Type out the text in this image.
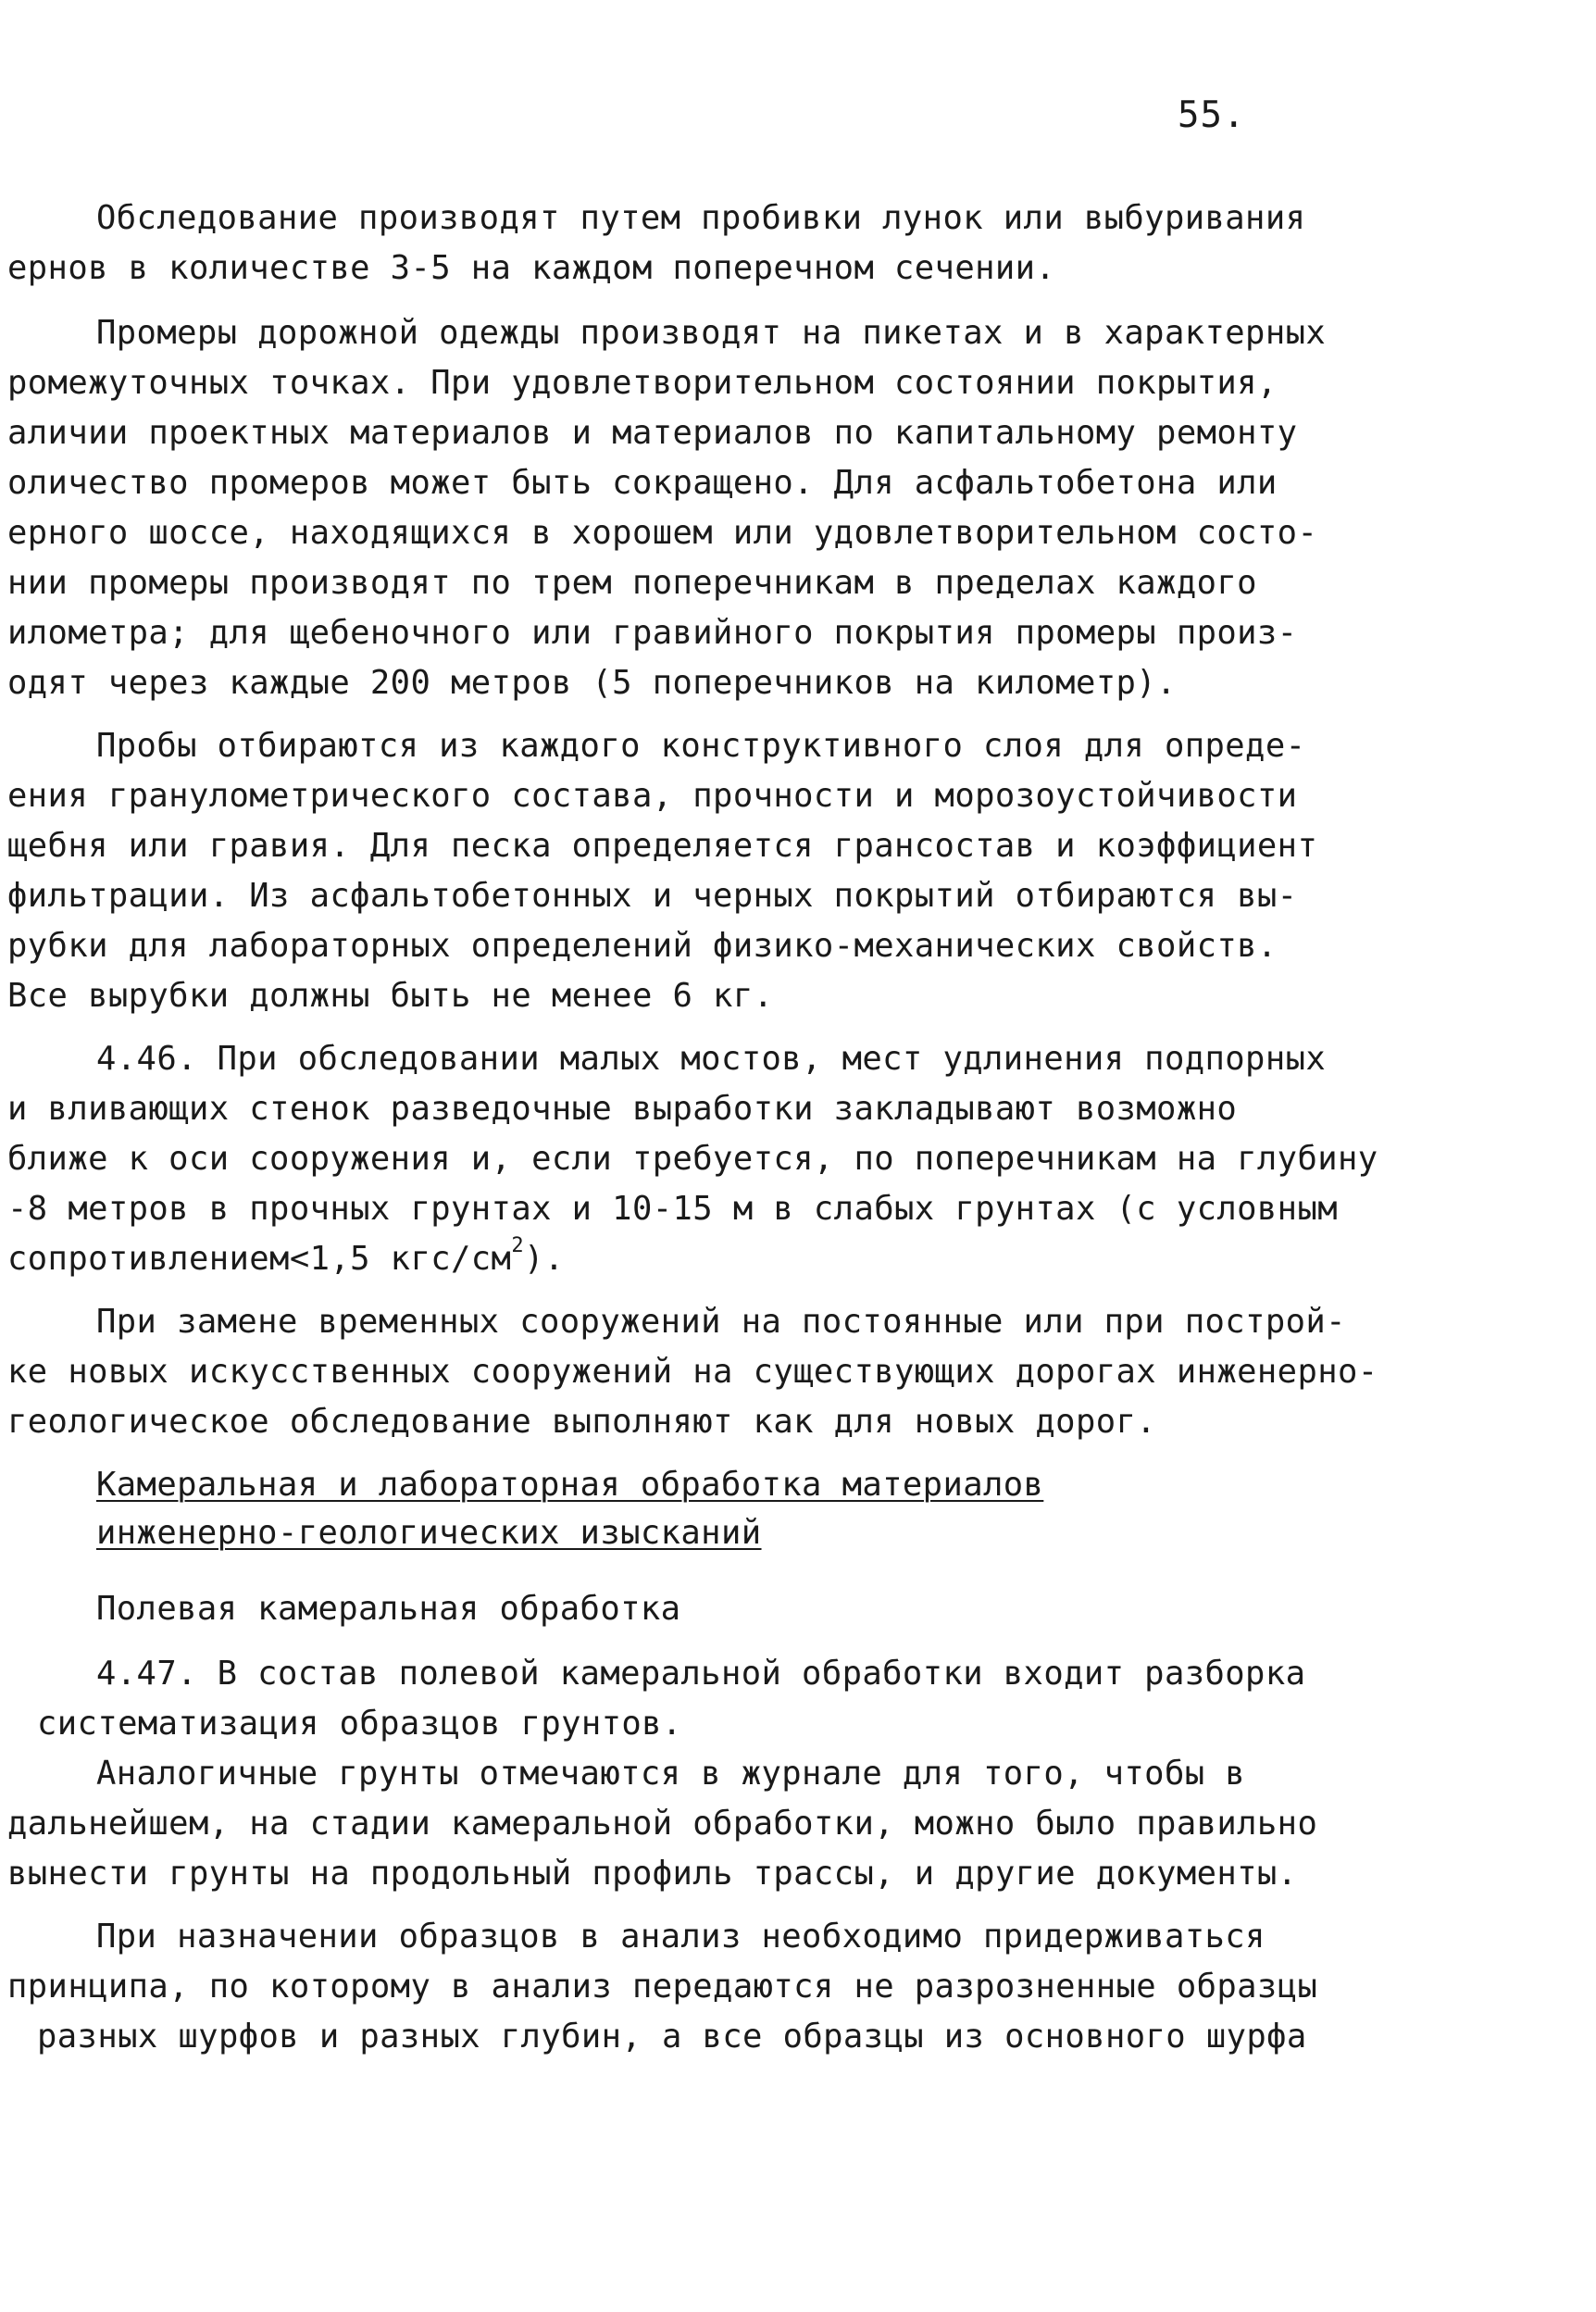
55.
Обследование производят путем пробивки лунок или выбуривания
ернов в количестве 3-5 на каждом поперечном сечении.
Промеры дорожной одежды производят на пикетах и в характерных
ромежуточных точках. При удовлетворительном состоянии покрытия,
аличии проектных материалов и материалов по капитальному ремонту
оличество промеров может быть сокращено. Для асфальтобетона или
ерного шоссе, находящихся в хорошем или удовлетворительном состо-
нии промеры производят по трем поперечникам в пределах каждого
илометра; для щебеночного или гравийного покрытия промеры произ-
одят через каждые 200 метров (5 поперечников на километр).
Пробы отбираются из каждого конструктивного слоя для опреде-
ения гранулометрического состава, прочности и морозоустойчивости
щебня или гравия. Для песка определяется грансостав и коэффициент
фильтрации. Из асфальтобетонных и черных покрытий отбираются вы-
рубки для лабораторных определений физико-механических свойств.
Все вырубки должны быть не менее 6 кг.
4.46. При обследовании малых мостов, мест удлинения подпорных
и вливающих стенок разведочные выработки закладывают возможно
ближе к оси сооружения и, если требуется, по поперечникам на глубину
-8 метров в прочных грунтах и 10-15 м в слабых грунтах (с условным
сопротивлением<1,5 кгс/$см^2$).
При замене временных сооружений на постоянные или при построй-
ке новых искусственных сооружений на существующих дорогах инженерно-
геологическое обследование выполняют как для новых дорог.
Камеральная и лабораторная обработка материалов
инженерно-геологических изысканий
Полевая камеральная обработка
4.47. В состав полевой камеральной обработки входит разборка
систематизация образцов грунтов.
Аналогичные грунты отмечаются в журнале для того, чтобы в
дальнейшем, на стадии камеральной обработки, можно было правильно
вынести грунты на продольный профиль трассы, и другие документы.
При назначении образцов в анализ необходимо придерживаться
принципа, по которому в анализ передаются не разрозненные образцы
разных шурфов и разных глубин, а все образцы из основного шурфа
